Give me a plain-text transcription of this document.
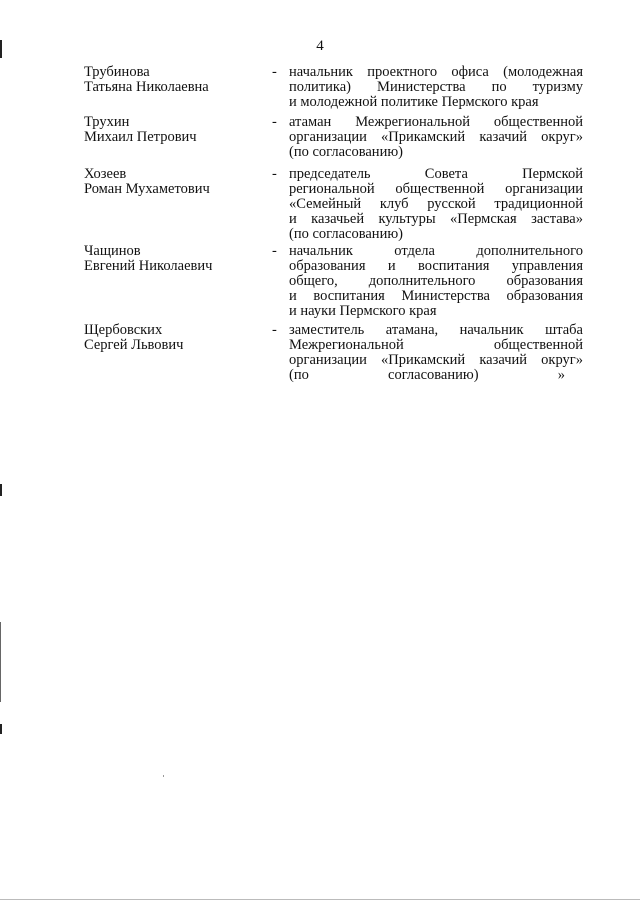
4
Трубинова
Татьяна Николаевна
- начальник проектного офиса (молодежная
политика) Министерства по туризму
и молодежной политике Пермского края
Трухин
Михаил Петрович
- атаман Межрегиональной общественной
организации «Прикамский казачий округ»
(по согласованию)
Хозеев
Роман Мухаметович
- председатель Совета Пермской
региональной общественной организации
«Семейный клуб русской традиционной
и казачьей культуры «Пермская застава»
(по согласованию)
Чащинов
Евгений Николаевич
- начальник отдела дополнительного
образования и воспитания управления
общего, дополнительного образования
и воспитания Министерства образования
и науки Пермского края
Щербовских
Сергей Львович
- заместитель атамана, начальник штаба
Межрегиональной общественной
организации «Прикамский казачий округ»
(по согласованию) »
